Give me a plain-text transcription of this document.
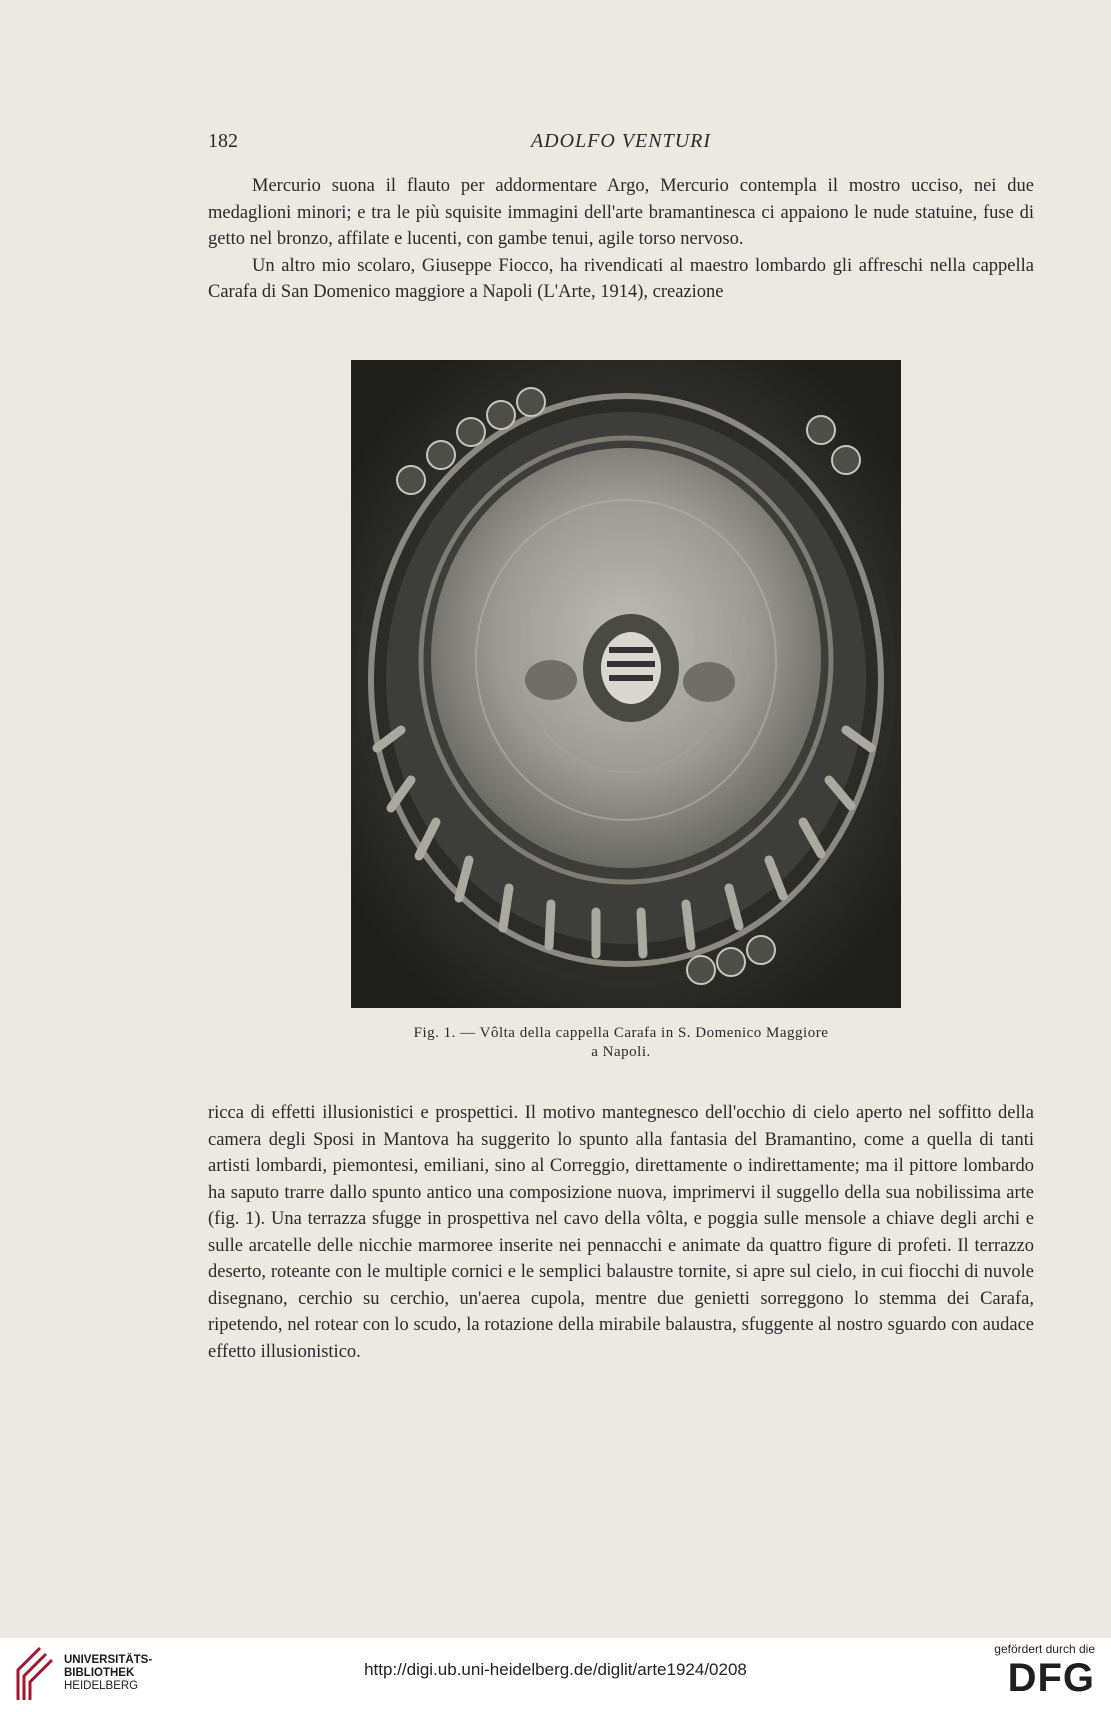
182	ADOLFO VENTURI

Mercurio suona il flauto per addormentare Argo, Mercurio contempla il mostro ucciso, nei due medaglioni minori; e tra le più squisite immagini dell'arte bramantinesca ci appaiono le nude statuine, fuse di getto nel bronzo, affilate e lucenti, con gambe tenui, agile torso nervoso.

Un altro mio scolaro, Giuseppe Fiocco, ha rivendicati al maestro lombardo gli affreschi nella cappella Carafa di San Domenico maggiore a Napoli (L'Arte, 1914), creazione

Fig. 1. — Vôlta della cappella Carafa in S. Domenico Maggiore
a Napoli.

ricca di effetti illusionistici e prospettici. Il motivo mantegnesco dell'occhio di cielo aperto nel soffitto della camera degli Sposi in Mantova ha suggerito lo spunto alla fantasia del Bramantino, come a quella di tanti artisti lombardi, piemontesi, emiliani, sino al Correggio, direttamente o indirettamente; ma il pittore lombardo ha saputo trarre dallo spunto antico una composizione nuova, imprimervi il suggello della sua nobilissima arte (fig. 1). Una terrazza sfugge in prospettiva nel cavo della vôlta, e poggia sulle mensole a chiave degli archi e sulle arcatelle delle nicchie marmoree inserite nei pennacchi e animate da quattro figure di profeti. Il terrazzo deserto, roteante con le multiple cornici e le semplici balaustre tornite, si apre sul cielo, in cui fiocchi di nuvole disegnano, cerchio su cerchio, un'aerea cupola, mentre due genietti sorreggono lo stemma dei Carafa, ripetendo, nel rotear con lo scudo, la rotazione della mirabile balaustra, sfuggente al nostro sguardo con audace effetto illusionistico.

UNIVERSITÄTS-
BIBLIOTHEK
HEIDELBERG
http://digi.ub.uni-heidelberg.de/diglit/arte1924/0208
gefördert durch die
DFG
